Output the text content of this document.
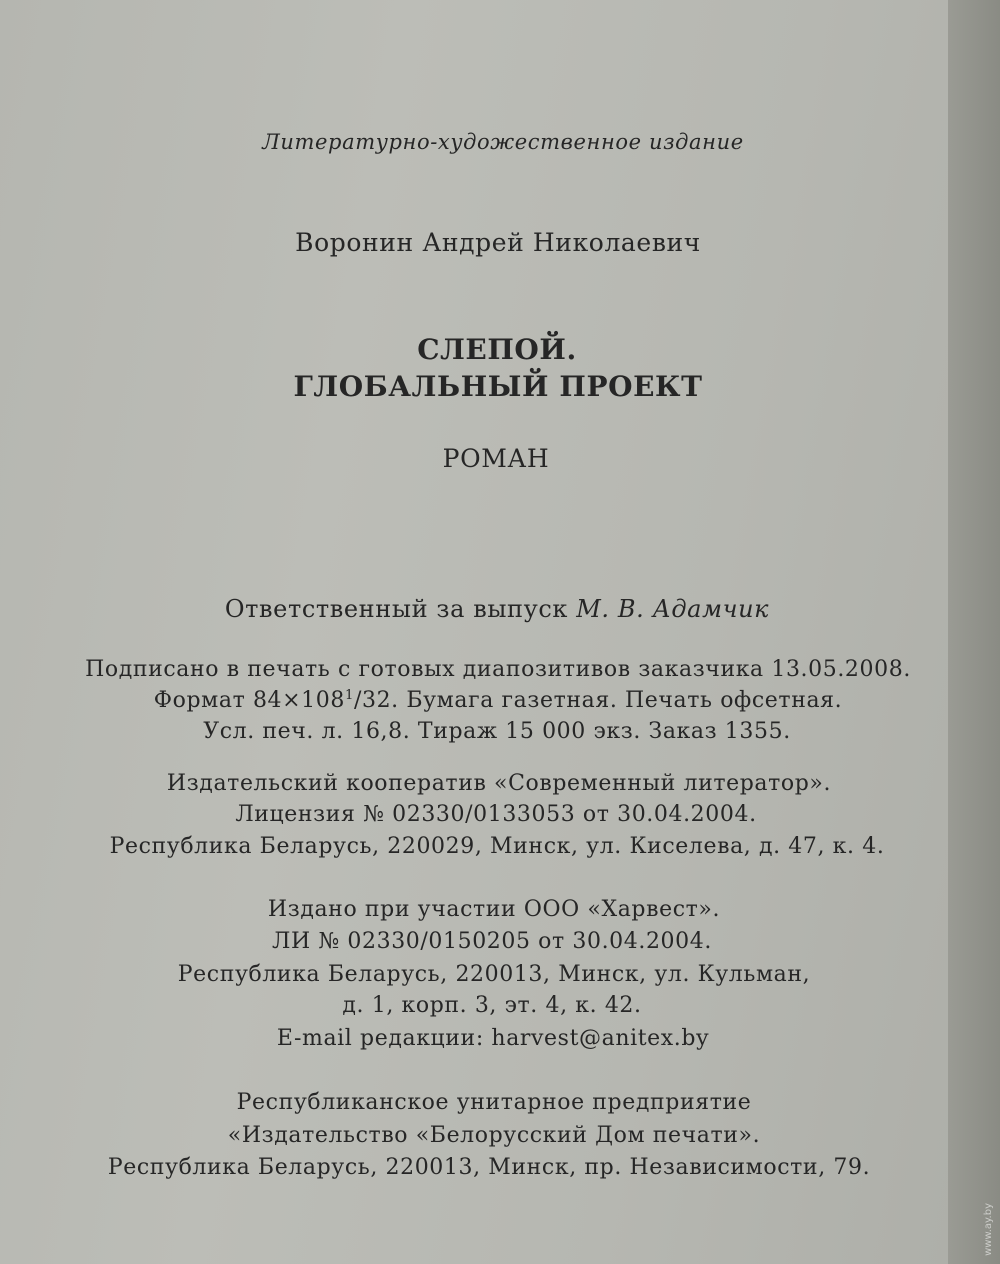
Литературно-художественное издание
Воронин Андрей Николаевич
СЛЕПОЙ.
ГЛОБАЛЬНЫЙ ПРОЕКТ
РОМАН
Ответственный за выпуск М. В. Адамчик
Подписано в печать с готовых диапозитивов заказчика 13.05.2008.
Формат $84\times 108^1/32$. Бумага газетная. Печать офсетная.
Усл. печ. л. 16,8. Тираж 15 000 экз. Заказ 1355.
Издательский кооператив «Современный литератор».
Лицензия № 02330/0133053 от 30.04.2004.
Республика Беларусь, 220029, Минск, ул. Киселева, д. 47, к. 4.
Издано при участии ООО «Харвест».
ЛИ № 02330/0150205 от 30.04.2004.
Республика Беларусь, 220013, Минск, ул. Кульман,
д. 1, корп. 3, эт. 4, к. 42.
E-mail редакции: harvest@anitex.by
Республиканское унитарное предприятие
«Издательство «Белорусский Дом печати».
Республика Беларусь, 220013, Минск, пр. Независимости, 79.
www.ay.by
